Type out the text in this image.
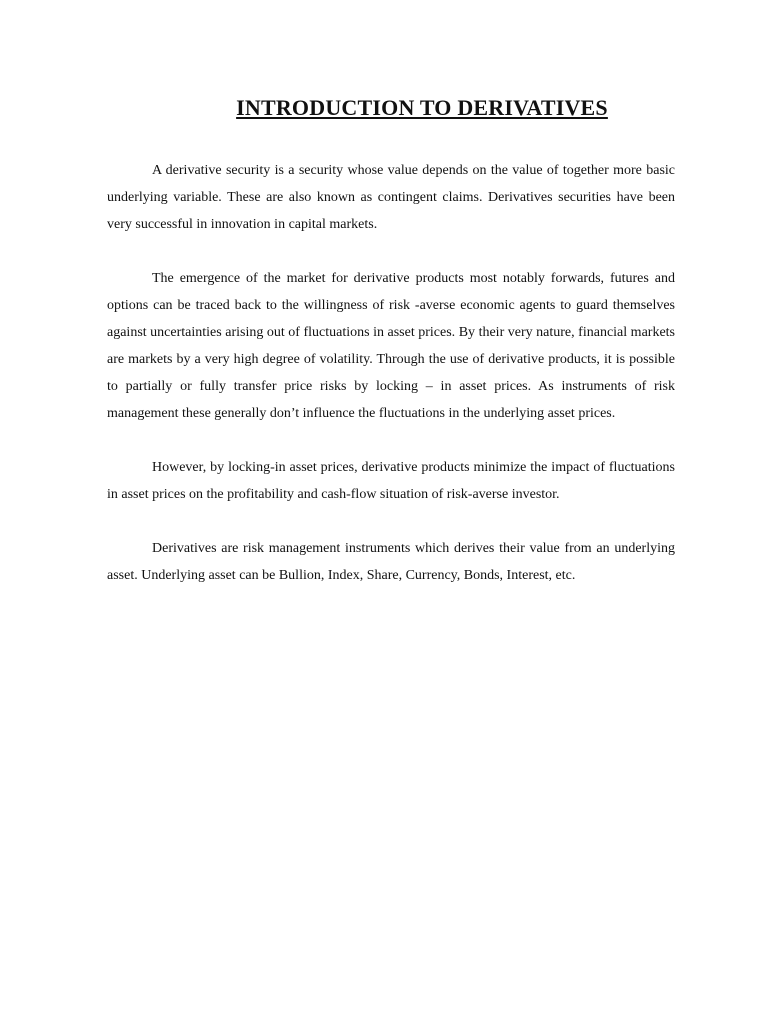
INTRODUCTION TO DERIVATIVES

A derivative security is a security whose value depends on the value of together more basic underlying variable. These are also known as contingent claims. Derivatives securities have been very successful in innovation in capital markets.

The emergence of the market for derivative products most notably forwards, futures and options can be traced back to the willingness of risk -averse economic agents to guard themselves against uncertainties arising out of fluctuations in asset prices. By their very nature, financial markets are markets by a very high degree of volatility. Through the use of derivative products, it is possible to partially or fully transfer price risks by locking – in asset prices. As instruments of risk management these generally don’t influence the fluctuations in the underlying asset prices.

However, by locking-in asset prices, derivative products minimize the impact of fluctuations in asset prices on the profitability and cash-flow situation of risk-averse investor.

Derivatives are risk management instruments which derives their value from an underlying asset. Underlying asset can be Bullion, Index, Share, Currency, Bonds, Interest, etc.
